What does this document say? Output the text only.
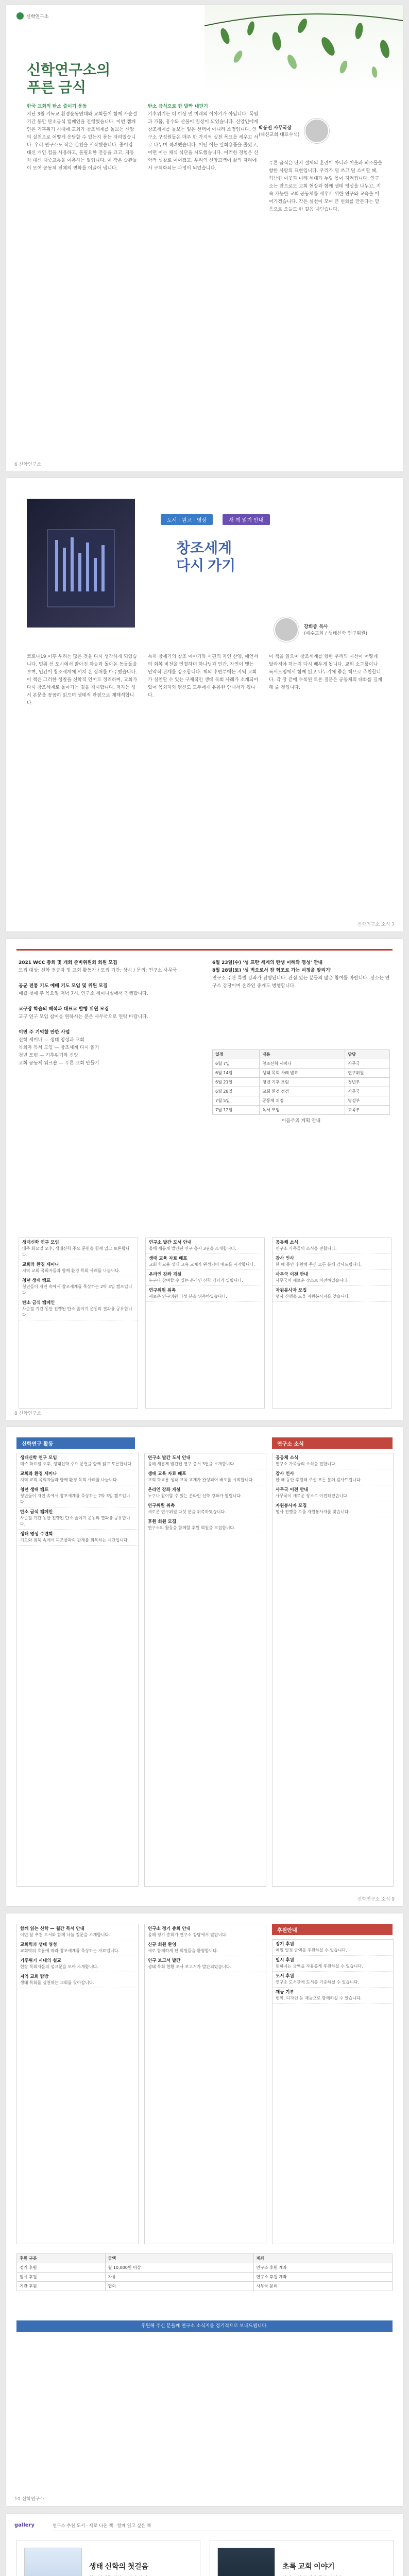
신학연구소
신학연구소의
푸른 금식
박동진 사무국장
(대신교회 대표수석)
한국 교회의 탄소 줄이기 운동
지난 3월 기독교 환경운동연대와 교회들이 함께 사순절 기간 동안 탄소금식 캠페인을 진행했습니다. 이번 캠페인은 기후위기 시대에 교회가 창조세계를 돌보는 신앙의 실천으로 어떻게 응답할 수 있는지 묻는 자리였습니다. 우리 연구소도 작은 실천을 시작했습니다. 종이컵 대신 개인 컵을 사용하고, 불필요한 전등을 끄고, 자동차 대신 대중교통을 이용하는 일입니다. 이 작은 습관들이 모여 공동체 전체의 변화를 이끌어 냅니다.
탄소 금식으로 한 발짝 내딛기
기후위기는 더 이상 먼 미래의 이야기가 아닙니다. 폭염과 가뭄, 홍수와 산불이 일상이 되었습니다. 신앙인에게 창조세계를 돌보는 일은 선택이 아니라 소명입니다. 연구소 구성원들은 매주 한 가지씩 실천 목표를 세우고 서로 나누며 격려했습니다. 어떤 이는 일회용품을 줄였고, 어떤 이는 채식 식단을 시도했습니다. 이러한 경험은 신학적 성찰로 이어졌고, 우리의 신앙고백이 삶의 자리에서 구체화되는 과정이 되었습니다.
푸른 금식은 단지 절제의 훈련이 아니라 이웃과 피조물을 향한 사랑의 표현입니다. 우리가 덜 쓰고 덜 소비할 때, 가난한 이웃과 미래 세대가 누릴 몫이 지켜집니다. 연구소는 앞으로도 교회 현장과 함께 생태 영성을 나누고, 지속 가능한 교회 공동체를 세우기 위한 연구와 교육을 이어가겠습니다. 작은 실천이 모여 큰 변화를 만든다는 믿음으로 오늘도 한 걸음 내딛습니다.
6 신학연구소
도서 · 원고 · 영상	새 책 읽기 안내
창조세계
다시 가기
강희중 목사
(예수교회 / 생태신학 연구위원)
코로나19 이후 우리는 많은 것을 다시 생각하게 되었습니다. 멈춰 선 도시에서 맑아진 하늘과 돌아온 동물들을 보며, 인간이 창조세계에 끼쳐 온 상처를 마주했습니다. 이 책은 그러한 성찰을 신학적 언어로 정리하며, 교회가 다시 창조세계로 돌아가는 길을 제시합니다. 저자는 성서 본문을 꼼꼼히 읽으며 생태적 관점으로 재해석합니다.
특히 창세기의 창조 이야기와 시편의 자연 찬양, 예언서의 회복 비전을 연결하며 하나님과 인간, 자연이 맺는 언약적 관계를 강조합니다. 책의 후반부에는 지역 교회가 실천할 수 있는 구체적인 생태 목회 사례가 소개되어 있어 목회자와 평신도 모두에게 유용한 안내서가 됩니다.
이 책을 읽으며 창조세계를 향한 우리의 시선이 어떻게 달라져야 하는지 다시 배우게 됩니다. 교회 소그룹이나 독서모임에서 함께 읽고 나누기에 좋은 책으로 추천합니다. 각 장 끝에 수록된 토론 질문은 공동체의 대화를 깊게 해 줄 것입니다.
신학연구소 소식 7
2021 WCC 총회 및 개회 준비위원회 회원 모집
모집 대상: 신학 전공자 및 교회 활동가 / 모집 기간: 상시 / 문의: 연구소 사무국

공군 전통 기도 예배 기도 모임 및 위원 모집
매월 첫째 주 목요일 저녁 7시, 연구소 세미나실에서 진행합니다.

교구장 학습의 해석과 대표교 발행 위원 모집
교구 연구 모임 참여를 원하시는 분은 사무국으로 연락 바랍니다.

이번 주 기억할 만한 사업
신학 세미나 — 생태 영성과 교회
목회자 독서 모임 — 창조세계 다시 읽기
청년 포럼 — 기후위기와 신앙
교회 공동체 워크숍 — 푸른 교회 만들기
6월 23일(수) '성 프란 세계의 탄생 이해와 영성' 안내
8월 28일(토) '성 벽으로서 잠 혁조로 가는 여정을 알리기'
연구소 주관 특별 강좌가 진행됩니다. 관심 있는 분들의 많은 참여를 바랍니다. 장소는 연구소 강당이며 온라인 중계도 병행합니다.
일정	내용	담당
6월 7일	창조신학 세미나	사무국
6월 14일	생태 목회 사례 발표	연구위원
6월 21일	청년 기후 포럼	청년부
6월 28일	교회 환경 점검	사무국
7월 5일	공동체 피정	영성부
7월 12일	독서 모임	교육부
이음주의 계획 안내
생태신학 연구 모임
매주 화요일 오후, 생태신학 주요 문헌을 함께 읽고 토론합니다.
교회와 환경 세미나
지역 교회 목회자들과 함께 환경 목회 사례를 나눕니다.
청년 생태 캠프
청년들이 자연 속에서 창조세계를 묵상하는 2박 3일 캠프입니다.
탄소 금식 캠페인
사순절 기간 동안 진행된 탄소 줄이기 운동의 결과를 공유합니다.
연구소 발간 도서 안내
올해 새롭게 발간된 연구 총서 3권을 소개합니다.
생태 교육 자료 배포
교회 학교용 생태 교육 교재가 완성되어 배포를 시작합니다.
온라인 강좌 개설
누구나 참여할 수 있는 온라인 신학 강좌가 열립니다.
연구위원 위촉
새로운 연구위원 다섯 분을 위촉하였습니다.
공동체 소식
연구소 가족들의 소식을 전합니다.
감사 인사
한 해 동안 후원해 주신 모든 분께 감사드립니다.
사무국 이전 안내
사무국이 새로운 장소로 이전하였습니다.
자원봉사자 모집
행사 진행을 도울 자원봉사자를 찾습니다.
8 신학연구소
신학연구 활동	연구소 소식
생태신학 연구 모임
매주 화요일 오후, 생태신학 주요 문헌을 함께 읽고 토론합니다.
교회와 환경 세미나
지역 교회 목회자들과 함께 환경 목회 사례를 나눕니다.
청년 생태 캠프
청년들이 자연 속에서 창조세계를 묵상하는 2박 3일 캠프입니다.
탄소 금식 캠페인
사순절 기간 동안 진행된 탄소 줄이기 운동의 결과를 공유합니다.
생태 영성 수련회
기도와 침묵 속에서 피조물과의 관계를 회복하는 시간입니다.
연구소 발간 도서 안내
올해 새롭게 발간된 연구 총서 3권을 소개합니다.
생태 교육 자료 배포
교회 학교용 생태 교육 교재가 완성되어 배포를 시작합니다.
온라인 강좌 개설
누구나 참여할 수 있는 온라인 신학 강좌가 열립니다.
연구위원 위촉
새로운 연구위원 다섯 분을 위촉하였습니다.
후원 회원 모집
연구소의 활동을 함께할 후원 회원을 모집합니다.
공동체 소식
연구소 가족들의 소식을 전합니다.
감사 인사
한 해 동안 후원해 주신 모든 분께 감사드립니다.
사무국 이전 안내
사무국이 새로운 장소로 이전하였습니다.
자원봉사자 모집
행사 진행을 도울 자원봉사자를 찾습니다.
신학연구소 소식 9
후원안내
함께 읽는 신학 — 월간 독서 안내
이번 달 추천 도서와 함께 나눌 질문을 소개합니다.
교회력과 생태 영성
교회력의 흐름에 따라 창조세계를 묵상하는 자료입니다.
기후위기 시대의 설교
현장 목회자들의 설교문을 모아 소개합니다.
지역 교회 탐방
생태 목회를 실천하는 교회를 찾아갑니다.
연구소 정기 총회 안내
올해 정기 총회가 연구소 강당에서 열립니다.
신규 회원 환영
새로 함께하게 된 회원들을 환영합니다.
연구 보고서 발간
생태 목회 현황 조사 보고서가 발간되었습니다.
정기 후원
매월 일정 금액을 후원하실 수 있습니다.
일시 후원
원하시는 금액을 자유롭게 후원하실 수 있습니다.
도서 후원
연구소 도서관에 도서를 기증하실 수 있습니다.
재능 기부
번역, 디자인 등 재능으로 함께하실 수 있습니다.
후원 구분	금액	계좌
정기 후원	월 10,000원 이상	연구소 후원 계좌
일시 후원	자유	연구소 후원 계좌
기관 후원	협의	사무국 문의
후원해 주신 분들께 연구소 소식지를 정기적으로 보내드립니다.
10 신학연구소
gallery	연구소 추천 도서 · 새로 나온 책 · 함께 읽고 싶은 책
생태 신학의 첫걸음	초록 교회 이야기
